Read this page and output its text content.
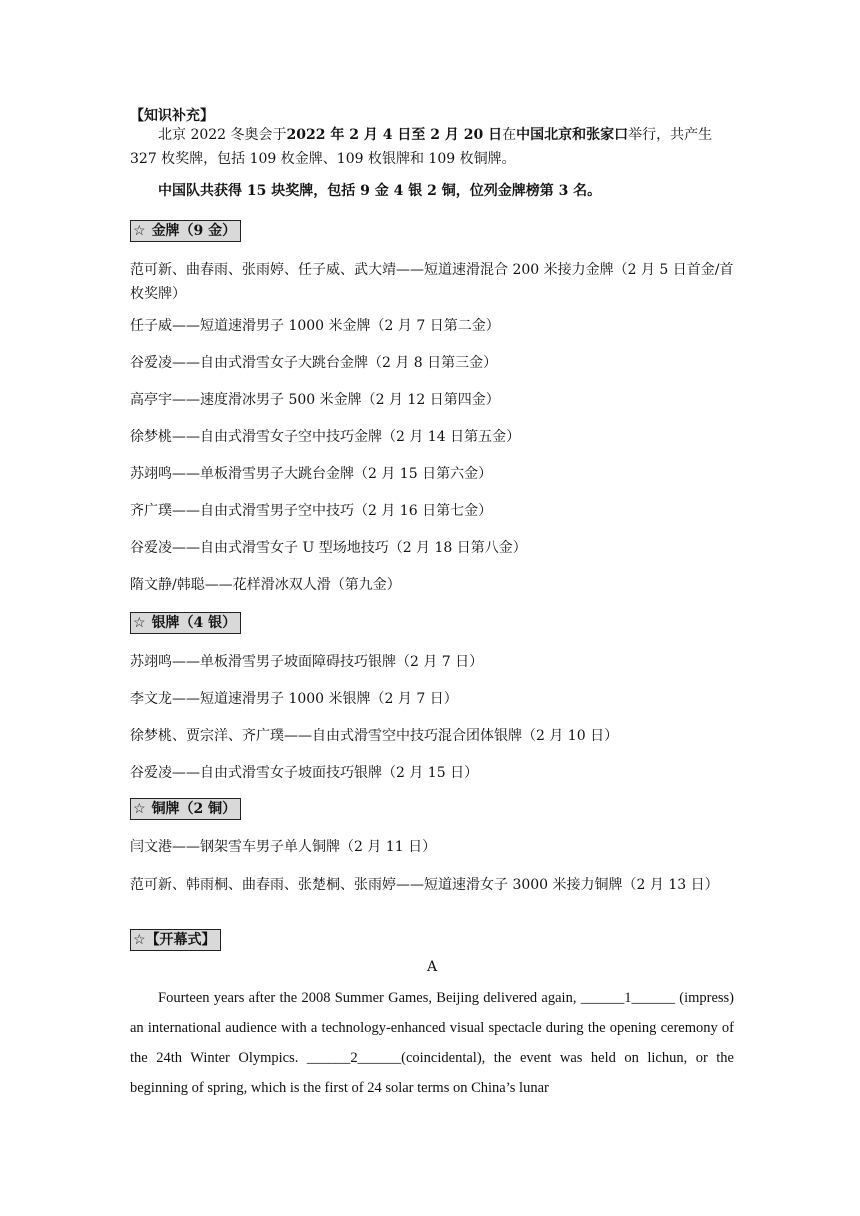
【知识补充】
北京 2022 冬奥会于2022 年 2 月 4 日至 2 月 20 日在中国北京和张家口举行，共产生 327 枚奖牌，包括 109 枚金牌、109 枚银牌和 109 枚铜牌。
中国队共获得 15 块奖牌，包括 9 金 4 银 2 铜，位列金牌榜第 3 名。
☆ 金牌（9 金）
范可新、曲春雨、张雨婷、任子威、武大靖——短道速滑混合 200 米接力金牌（2 月 5 日首金/首枚奖牌）
任子威——短道速滑男子 1000 米金牌（2 月 7 日第二金）
谷爱凌——自由式滑雪女子大跳台金牌（2 月 8 日第三金）
高亭宇——速度滑冰男子 500 米金牌（2 月 12 日第四金）
徐梦桃——自由式滑雪女子空中技巧金牌（2 月 14 日第五金）
苏翊鸣——单板滑雪男子大跳台金牌（2 月 15 日第六金）
齐广璞——自由式滑雪男子空中技巧（2 月 16 日第七金）
谷爱凌——自由式滑雪女子 U 型场地技巧（2 月 18 日第八金）
隋文静/韩聪——花样滑冰双人滑（第九金）
☆ 银牌（4 银）
苏翊鸣——单板滑雪男子坡面障碍技巧银牌（2 月 7 日）
李文龙——短道速滑男子 1000 米银牌（2 月 7 日）
徐梦桃、贾宗洋、齐广璞——自由式滑雪空中技巧混合团体银牌（2 月 10 日）
谷爱凌——自由式滑雪女子坡面技巧银牌（2 月 15 日）
☆ 铜牌（2 铜）
闫文港——钢架雪车男子单人铜牌（2 月 11 日）
范可新、韩雨桐、曲春雨、张楚桐、张雨婷——短道速滑女子 3000 米接力铜牌（2 月 13 日）
☆【开幕式】
A
Fourteen years after the 2008 Summer Games, Beijing delivered again, ______1______ (impress) an international audience with a technology-enhanced visual spectacle during the opening ceremony of the 24th Winter Olympics. ______2______(coincidental), the event was held on lichun, or the beginning of spring, which is the first of 24 solar terms on China’s lunar
